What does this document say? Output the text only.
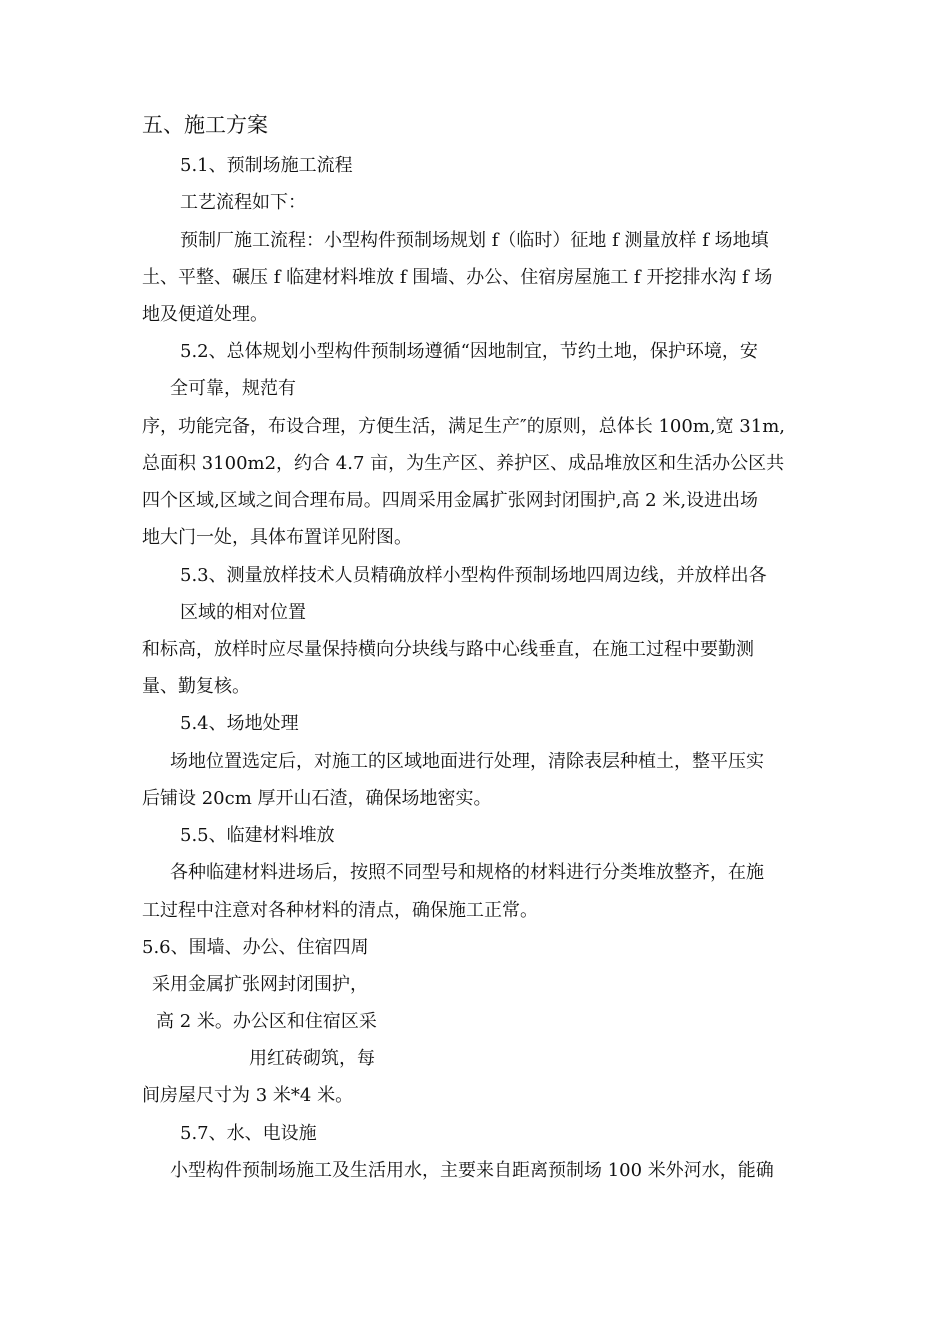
五、施工方案
5.1、预制场施工流程
工艺流程如下：
预制厂施工流程：小型构件预制场规划 f（临时）征地 f 测量放样 f 场地填
土、平整、碾压 f 临建材料堆放 f 围墙、办公、住宿房屋施工 f 开挖排水沟 f 场
地及便道处理。
5.2、总体规划小型构件预制场遵循“因地制宜，节约土地，保护环境，安
全可靠，规范有
序，功能完备，布设合理，方便生活，满足生产″的原则，总体长 100m,宽 31m,
总面积 3100m2，约合 4.7 亩，为生产区、养护区、成品堆放区和生活办公区共
四个区域,区域之间合理布局。四周采用金属扩张网封闭围护,高 2 米,设进出场
地大门一处，具体布置详见附图。
5.3、测量放样技术人员精确放样小型构件预制场地四周边线，并放样出各
区域的相对位置
和标高，放样时应尽量保持横向分块线与路中心线垂直，在施工过程中要勤测
量、勤复核。
5.4、场地处理
场地位置选定后，对施工的区域地面进行处理，清除表层种植土，整平压实
后铺设 20cm 厚开山石渣，确保场地密实。
5.5、临建材料堆放
各种临建材料进场后，按照不同型号和规格的材料进行分类堆放整齐，在施
工过程中注意对各种材料的清点，确保施工正常。
5.6、围墙、办公、住宿四周
采用金属扩张网封闭围护，
高 2 米。办公区和住宿区采
用红砖砌筑，每
间房屋尺寸为 3 米*4 米。
5.7、水、电设施
小型构件预制场施工及生活用水，主要来自距离预制场 100 米外河水，能确
